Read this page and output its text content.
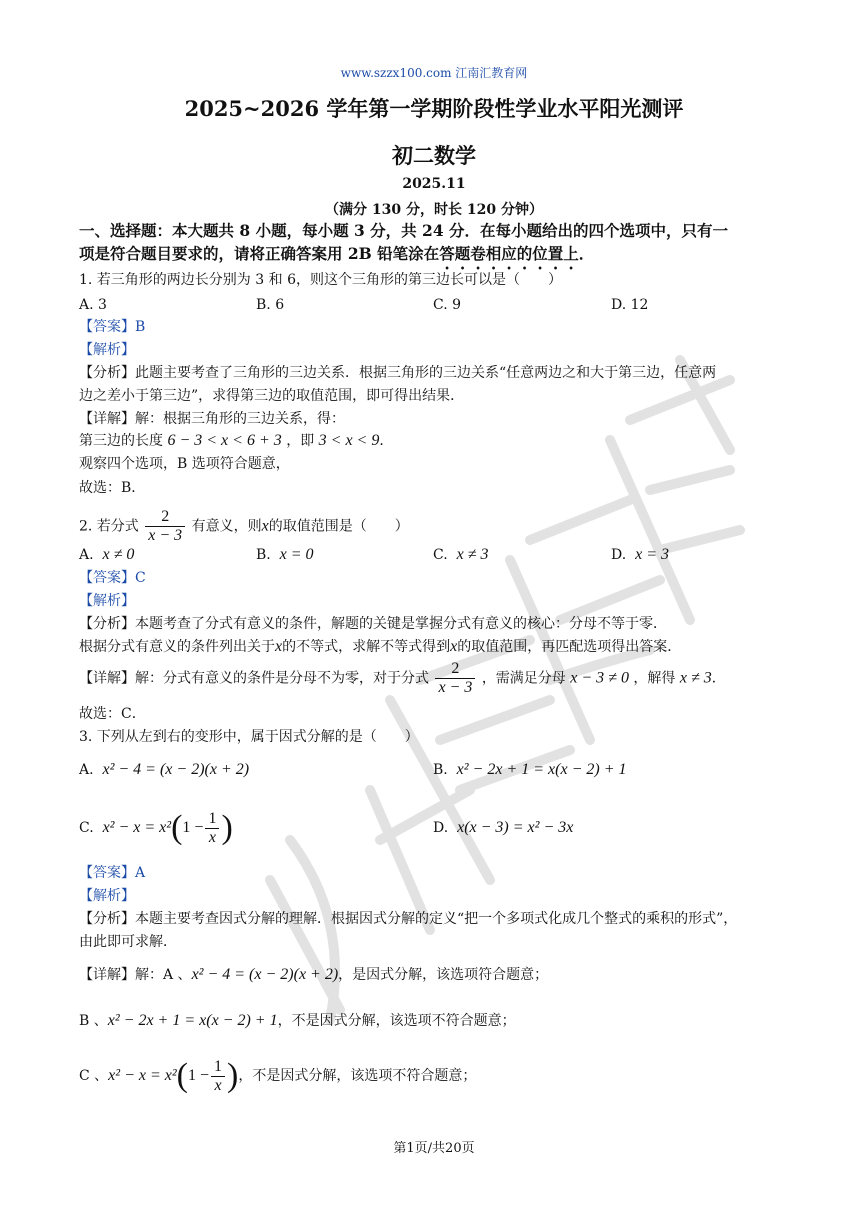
www.szzx100.com 江南汇教育网
2025~2026 学年第一学期阶段性学业水平阳光测评
初二数学
2025.11
（满分 130 分，时长 120 分钟）
一、选择题：本大题共 8 小题，每小题 3 分，共 24 分．在每小题给出的四个选项中，只有一
项是符合题目要求的，请将正确答案用 2B 铅笔涂在答题卷相应的位置上．
1. 若三角形的两边长分别为 3 和 6，则这个三角形的第三边长可以是（　　）
A. 3	B. 6	C. 9	D. 12
【答案】B
【解析】
【分析】此题主要考查了三角形的三边关系．根据三角形的三边关系“任意两边之和大于第三边，任意两
边之差小于第三边”，求得第三边的取值范围，即可得出结果．
【详解】解：根据三角形的三边关系，得：
第三边的长度 6 − 3 < x < 6 + 3 ，即 3 < x < 9．
观察四个选项，B 选项符合题意，
故选：B．
2. 若分式 $\frac{2}{x - 3}$ 有意义，则x的取值范围是（　　）
A. x ≠ 0	B. x = 0	C. x ≠ 3	D. x = 3
【答案】C
【解析】
【分析】本题考查了分式有意义的条件，解题的关键是掌握分式有意义的核心：分母不等于零．
根据分式有意义的条件列出关于x的不等式，求解不等式得到x的取值范围，再匹配选项得出答案．
【详解】解：分式有意义的条件是分母不为零，对于分式 $\frac{2}{x - 3}$ ，需满足分母 x − 3 ≠ 0 ，解得 x ≠ 3．
故选：C．
3. 下列从左到右的变形中，属于因式分解的是（　　）
A. x² − 4 = (x − 2)(x + 2)	B. x² − 2x + 1 = x(x − 2) + 1
C. $x^2 - x = x^2(1 - \frac{1}{x}$ )	D. x(x − 3) = x² − 3x
【答案】A
【解析】
【分析】本题主要考查因式分解的理解．根据因式分解的定义“把一个多项式化成几个整式的乘积的形式”，
由此即可求解．
【详解】解：A 、x² − 4 = (x − 2)(x + 2)，是因式分解，该选项符合题意；
B 、x² − 2x + 1 = x(x − 2) + 1，不是因式分解，该选项不符合题意；
C 、$x^2 - x = x^2(1 - \frac{1}{x}$ )，不是因式分解，该选项不符合题意；
第1页/共20页
